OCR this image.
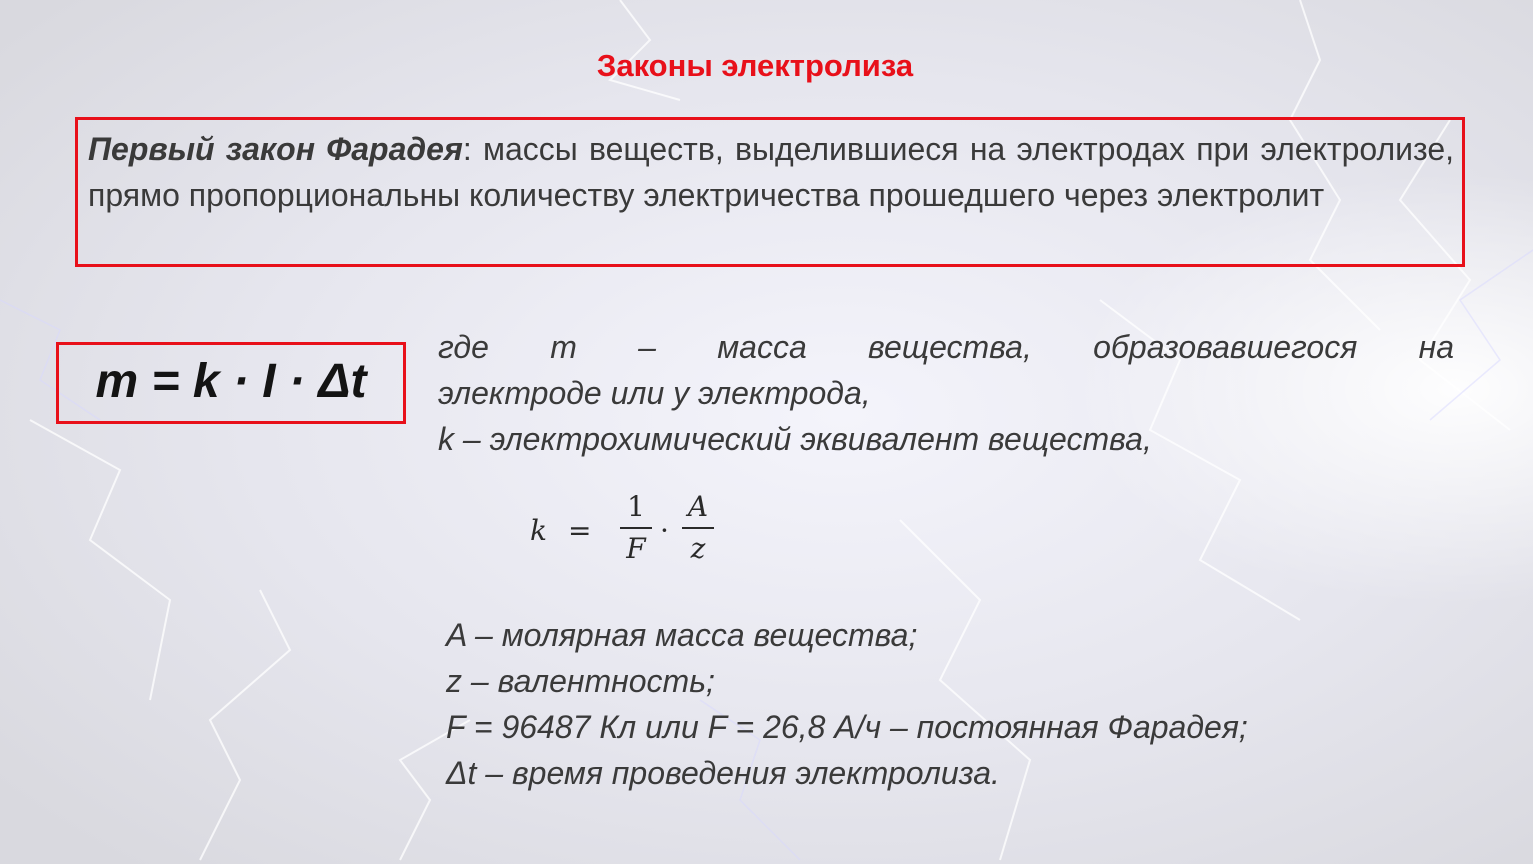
Законы электролиза
Первый закон Фарадея: массы веществ, выделившиеся на электродах при электролизе, прямо пропорциональны количеству электричества прошедшего через электролит
m = k · I · Δt
где m – масса вещества, образовавшегося на
электроде или у электрода,
k – электрохимический эквивалент вещества,
k =
1
F
·
A
z
A – молярная масса вещества;
z – валентность;
F = 96487 Кл или F = 26,8 А/ч – постоянная Фарадея;
Δt – время проведения электролиза.
